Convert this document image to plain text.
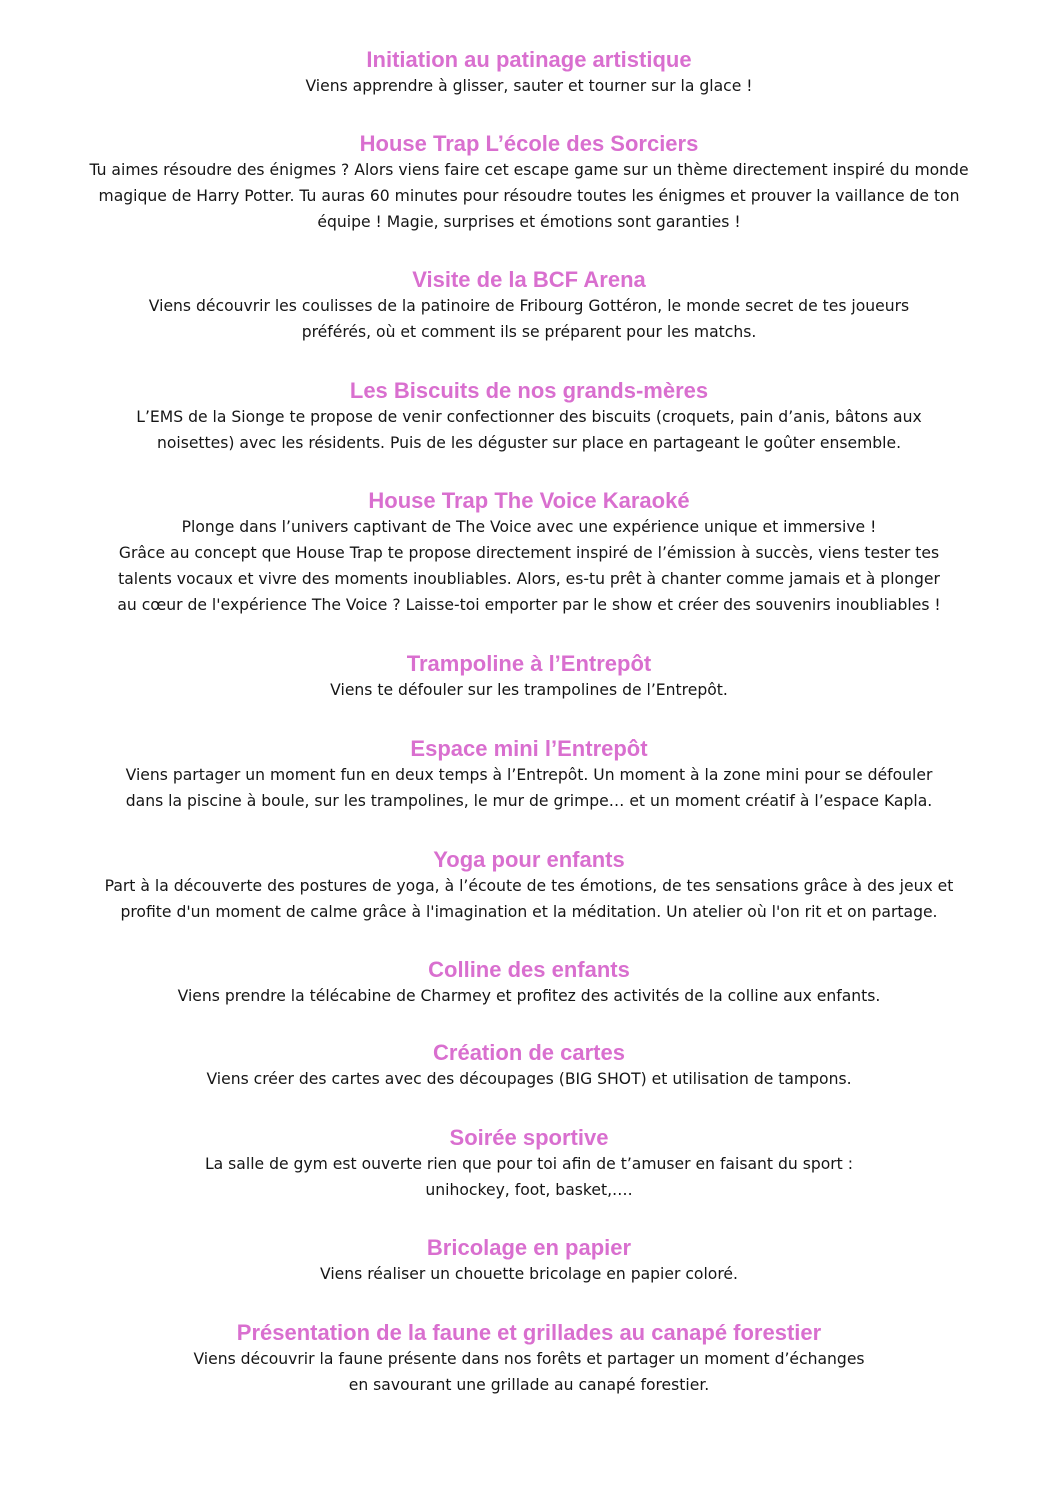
Initiation au patinage artistique

Viens apprendre à glisser, sauter et tourner sur la glace !

House Trap L’école des Sorciers

Tu aimes résoudre des énigmes ? Alors viens faire cet escape game sur un thème directement inspiré du monde

magique de Harry Potter. Tu auras 60 minutes pour résoudre toutes les énigmes et prouver la vaillance de ton

équipe ! Magie, surprises et émotions sont garanties !

Visite de la BCF Arena

Viens découvrir les coulisses de la patinoire de Fribourg Gottéron, le monde secret de tes joueurs

préférés, où et comment ils se préparent pour les matchs.

Les Biscuits de nos grands-mères

L’EMS de la Sionge te propose de venir confectionner des biscuits (croquets, pain d’anis, bâtons aux

noisettes) avec les résidents. Puis de les déguster sur place en partageant le goûter ensemble.

House Trap The Voice Karaoké

Plonge dans l’univers captivant de The Voice avec une expérience unique et immersive !

Grâce au concept que House Trap te propose directement inspiré de l’émission à succès, viens tester tes

talents vocaux et vivre des moments inoubliables. Alors, es-tu prêt à chanter comme jamais et à plonger

au cœur de l'expérience The Voice ? Laisse-toi emporter par le show et créer des souvenirs inoubliables !

Trampoline à l’Entrepôt

Viens te défouler sur les trampolines de l’Entrepôt.

Espace mini l’Entrepôt

Viens partager un moment fun en deux temps à l’Entrepôt. Un moment à la zone mini pour se défouler

dans la piscine à boule, sur les trampolines, le mur de grimpe… et un moment créatif à l’espace Kapla.

Yoga pour enfants

Part à la découverte des postures de yoga, à l’écoute de tes émotions, de tes sensations grâce à des jeux et

profite d'un moment de calme grâce à l'imagination et la méditation. Un atelier où l'on rit et on partage.

Colline des enfants

Viens prendre la télécabine de Charmey et profitez des activités de la colline aux enfants.

Création de cartes

Viens créer des cartes avec des découpages (BIG SHOT) et utilisation de tampons.

Soirée sportive

La salle de gym est ouverte rien que pour toi afin de t’amuser en faisant du sport :

unihockey, foot, basket,….

Bricolage en papier

Viens réaliser un chouette bricolage en papier coloré.

Présentation de la faune et grillades au canapé forestier

Viens découvrir la faune présente dans nos forêts et partager un moment d’échanges

en savourant une grillade au canapé forestier.
